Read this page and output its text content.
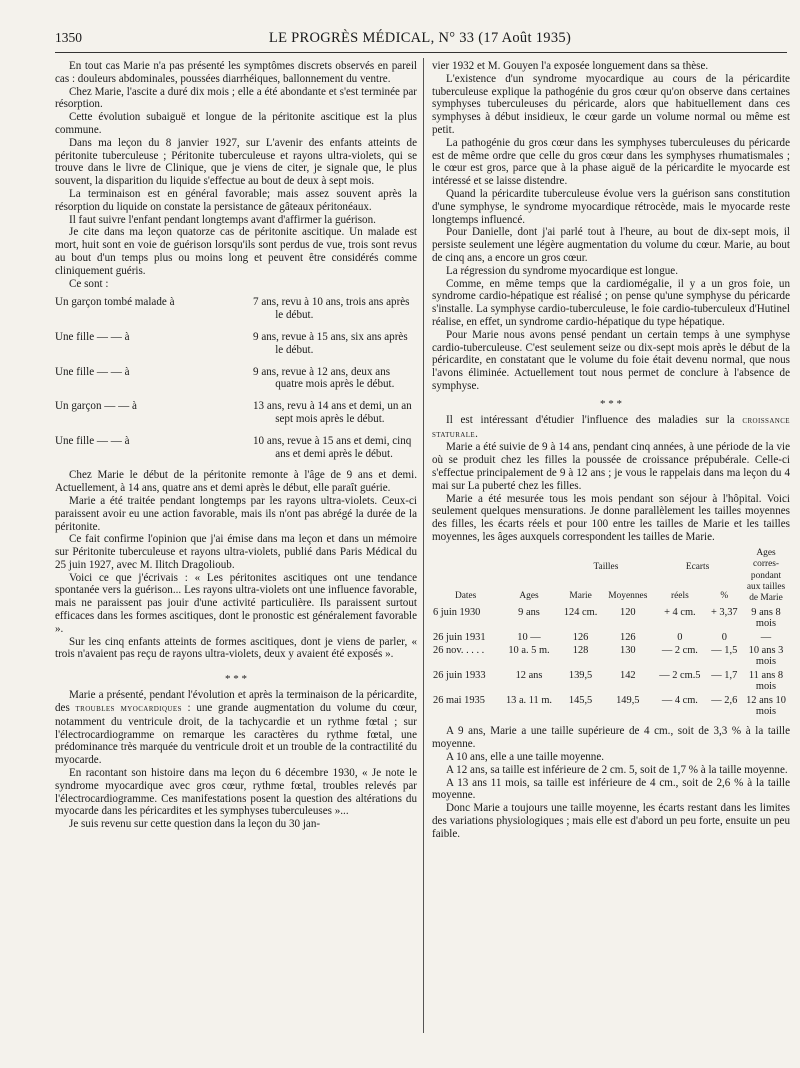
1350	LE PROGRÈS MÉDICAL, N° 33 (17 Août 1935)

En tout cas Marie n'a pas présenté les symptômes discrets observés en pareil cas : douleurs abdominales, poussées diarrhéiques, ballonnement du ventre.

Chez Marie, l'ascite a duré dix mois ; elle a été abondante et s'est terminée par résorption.

Cette évolution subaiguë et longue de la péritonite ascitique est la plus commune.

Dans ma leçon du 8 janvier 1927, sur L'avenir des enfants atteints de péritonite tuberculeuse ; Péritonite tuberculeuse et rayons ultra-violets, qui se trouve dans le livre de Clinique, que je viens de citer, je signale que, le plus souvent, la disparition du liquide s'effectue au bout de deux à sept mois.

La terminaison est en général favorable; mais assez souvent après la résorption du liquide on constate la persistance de gâteaux péritonéaux.

Il faut suivre l'enfant pendant longtemps avant d'affirmer la guérison.

Je cite dans ma leçon quatorze cas de péritonite ascitique. Un malade est mort, huit sont en voie de guérison lorsqu'ils sont perdus de vue, trois sont revus au bout d'un temps plus ou moins long et peuvent être considérés comme cliniquement guéris.

Ce sont :

Un garçon tombé malade à	7 ans, revu à 10 ans, trois ans après le début.
Une fille — — à	9 ans, revue à 15 ans, six ans après le début.
Une fille — — à	9 ans, revue à 12 ans, deux ans quatre mois après le début.
Un garçon — — à	13 ans, revu à 14 ans et demi, un an sept mois après le début.
Une fille — — à	10 ans, revue à 15 ans et demi, cinq ans et demi après le début.

Chez Marie le début de la péritonite remonte à l'âge de 9 ans et demi. Actuellement, à 14 ans, quatre ans et demi après le début, elle paraît guérie.

Marie a été traitée pendant longtemps par les rayons ultra-violets. Ceux-ci paraissent avoir eu une action favorable, mais ils n'ont pas abrégé la durée de la péritonite.

Ce fait confirme l'opinion que j'ai émise dans ma leçon et dans un mémoire sur Péritonite tuberculeuse et rayons ultra-violets, publié dans Paris Médical du 25 juin 1927, avec M. Ilitch Dragolioub.

Voici ce que j'écrivais : « Les péritonites ascitiques ont une tendance spontanée vers la guérison... Les rayons ultra-violets ont une influence favorable, mais ne paraissent pas jouir d'une activité particulière. Ils paraissent surtout efficaces dans les formes ascitiques, dont le pronostic est généralement favorable ».

Sur les cinq enfants atteints de formes ascitiques, dont je viens de parler, « trois n'avaient pas reçu de rayons ultra-violets, deux y avaient été exposés ».

* * *

Marie a présenté, pendant l'évolution et après la terminaison de la péricardite, des troubles myocardiques : une grande augmentation du volume du cœur, notamment du ventricule droit, de la tachycardie et un rythme fœtal ; sur l'électrocardiogramme on remarque les caractères du rythme fœtal, une prédominance très marquée du ventricule droit et un trouble de la contractilité du myocarde.

En racontant son histoire dans ma leçon du 6 décembre 1930, « Je note le syndrome myocardique avec gros cœur, rythme fœtal, troubles relevés par l'électrocardiogramme. Ces manifestations posent la question des altérations du myocarde dans les péricardites et les symphyses tuberculeuses »...

Je suis revenu sur cette question dans la leçon du 30 jan-

vier 1932 et M. Gouyen l'a exposée longuement dans sa thèse.

L'existence d'un syndrome myocardique au cours de la péricardite tuberculeuse explique la pathogénie du gros cœur qu'on observe dans certaines symphyses tuberculeuses du péricarde, alors que habituellement dans ces symphyses à début insidieux, le cœur garde un volume normal ou même est petit.

La pathogénie du gros cœur dans les symphyses tuberculeuses du péricarde est de même ordre que celle du gros cœur dans les symphyses rhumatismales ; le cœur est gros, parce que à la phase aiguë de la péricardite le myocarde est intéressé et se laisse distendre.

Quand la péricardite tuberculeuse évolue vers la guérison sans constitution d'une symphyse, le syndrome myocardique rétrocède, mais le myocarde reste longtemps influencé.

Pour Danielle, dont j'ai parlé tout à l'heure, au bout de dix-sept mois, il persiste seulement une légère augmentation du volume du cœur. Marie, au bout de cinq ans, a encore un gros cœur.

La régression du syndrome myocardique est longue.

Comme, en même temps que la cardiomégalie, il y a un gros foie, un syndrome cardio-hépatique est réalisé ; on pense qu'une symphyse du péricarde s'installe. La symphyse cardio-tuberculeuse, le foie cardio-tuberculeux d'Hutinel réalise, en effet, un syndrome cardio-hépatique du type hépatique.

Pour Marie nous avons pensé pendant un certain temps à une symphyse cardio-tuberculeuse. C'est seulement seize ou dix-sept mois après le début de la péricardite, en constatant que le volume du foie était devenu normal, que nous l'avons éliminée. Actuellement tout nous permet de conclure à l'absence de symphyse.

* * *

Il est intéressant d'étudier l'influence des maladies sur la croissance staturale.

Marie a été suivie de 9 à 14 ans, pendant cinq années, à une période de la vie où se produit chez les filles la poussée de croissance prépubérale. Celle-ci s'effectue principalement de 9 à 12 ans ; je vous le rappelais dans ma leçon du 4 mai sur La puberté chez les filles.

Marie a été mesurée tous les mois pendant son séjour à l'hôpital. Voici seulement quelques mensurations. Je donne parallèlement les tailles moyennes des filles, les écarts réels et pour 100 entre les tailles de Marie et les tailles moyennes, les âges auxquels correspondent les tailles de Marie.

		Tailles		Ecarts		Ages corres-pondant aux tailles de Marie
Dates	Ages	Marie	Moyennes	réels	%	
6 juin 1930	9 ans	124 cm.	120	+ 4 cm.	+ 3,37	9 ans 8 mois
26 juin 1931	10 —	126	126	0	0	—
26 nov. . . . .	10 a. 5 m.	128	130	— 2 cm.	— 1,5	10 ans 3 mois
26 juin 1933	12 ans	139,5	142	— 2 cm.5	— 1,7	11 ans 8 mois
26 mai 1935	13 a. 11 m.	145,5	149,5	— 4 cm.	— 2,6	12 ans 10 mois

A 9 ans, Marie a une taille supérieure de 4 cm., soit de 3,3 % à la taille moyenne.

A 10 ans, elle a une taille moyenne.

A 12 ans, sa taille est inférieure de 2 cm. 5, soit de 1,7 % à la taille moyenne.

A 13 ans 11 mois, sa taille est inférieure de 4 cm., soit de 2,6 % à la taille moyenne.

Donc Marie a toujours une taille moyenne, les écarts restant dans les limites des variations physiologiques ; mais elle est d'abord un peu forte, ensuite un peu faible.
